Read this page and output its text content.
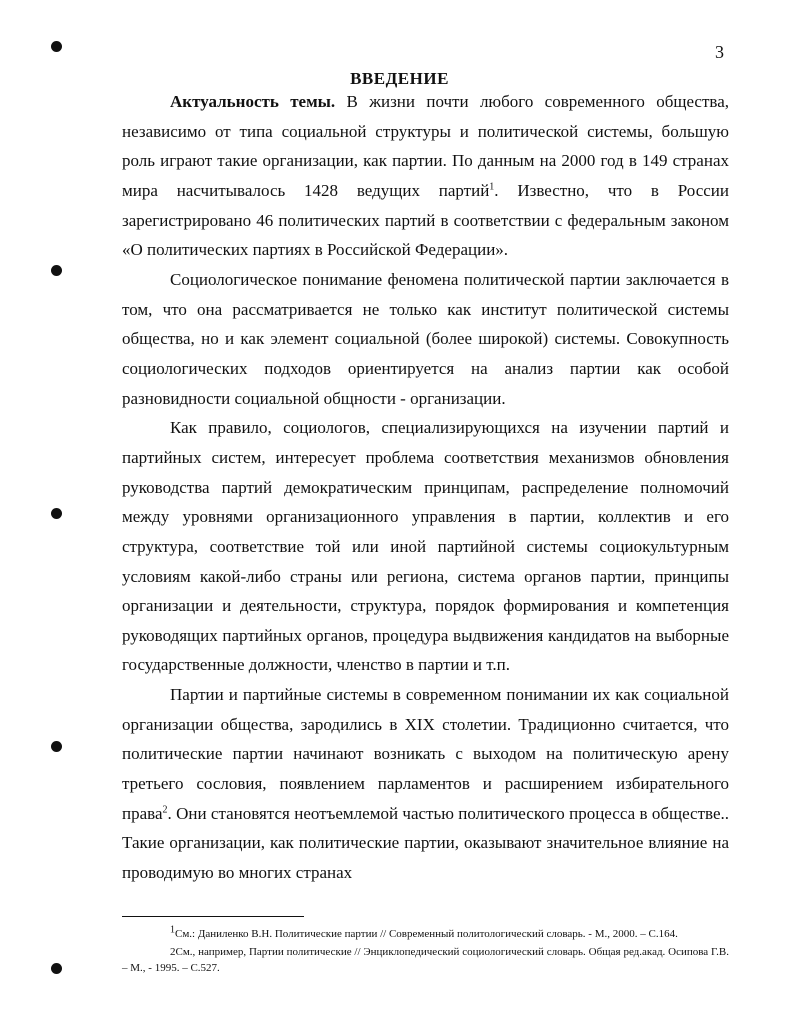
3
ВВЕДЕНИЕ

Актуальность темы. В жизни почти любого современного общества, независимо от типа социальной структуры и политической системы, большую роль играют такие организации, как партии. По данным на 2000 год в 149 странах мира насчитывалось 1428 ведущих партий$^1$. Известно, что в России зарегистрировано 46 политических партий в соответствии с федеральным законом «О политических партиях в Российской Федерации».

Социологическое понимание феномена политической партии заключается в том, что она рассматривается не только как институт политической системы общества, но и как элемент социальной (более широкой) системы. Совокупность социологических подходов ориентируется на анализ партии как особой разновидности социальной общности - организации.

Как правило, социологов, специализирующихся на изучении партий и партийных систем, интересует проблема соответствия механизмов обновления руководства партий демократическим принципам, распределение полномочий между уровнями организационного управления в партии, коллектив и его структура, соответствие той или иной партийной системы социокультурным условиям какой-либо страны или региона, система органов партии, принципы организации и деятельности, структура, порядок формирования и компетенция руководящих партийных органов, процедура выдвижения кандидатов на выборные государственные должности, членство в партии и т.п.

Партии и партийные системы в современном понимании их как социальной организации общества, зародились в XIX столетии. Традиционно считается, что политические партии начинают возникать с выходом на политическую арену третьего сословия, появлением парламентов и расширением избирательного права$^2$. Они становятся неотъемлемой частью политического процесса в обществе.. Такие организации, как политические партии, оказывают значительное влияние на проводимую во многих странах

$^1$См.: Даниленко В.Н. Политические партии // Современный политологический словарь. - М., 2000. – С.164.

2См., например, Партии политические // Энциклопедический социологический словарь. Общая ред.акад. Осипова Г.В. – М., - 1995. – С.527.
